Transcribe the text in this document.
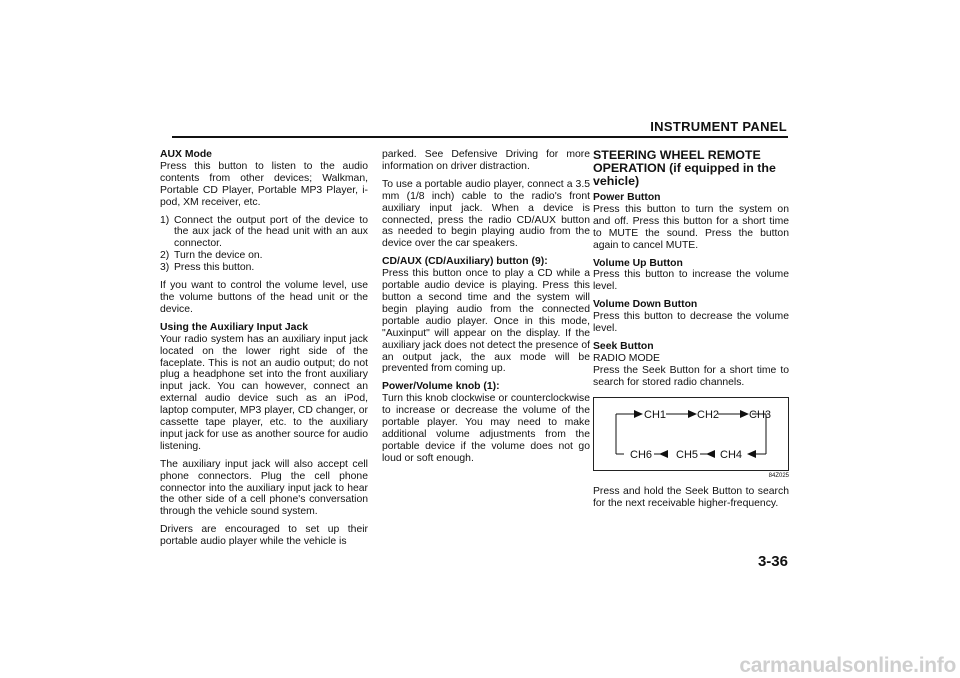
INSTRUMENT PANEL

AUX Mode
Press this button to listen to the audio contents from other devices; Walkman, Portable CD Player, Portable MP3 Player, i-pod, XM receiver, etc.

1) Connect the output port of the device to the aux jack of the head unit with an aux connector.
2) Turn the device on.
3) Press this button.

If you want to control the volume level, use the volume buttons of the head unit or the device.

Using the Auxiliary Input Jack
Your radio system has an auxiliary input jack located on the lower right side of the faceplate. This is not an audio output; do not plug a headphone set into the front auxiliary input jack. You can however, connect an external audio device such as an iPod, laptop computer, MP3 player, CD changer, or cassette tape player, etc. to the auxiliary input jack for use as another source for audio listening.

The auxiliary input jack will also accept cell phone connectors. Plug the cell phone connector into the auxiliary input jack to hear the other side of a cell phone's conversation through the vehicle sound system.

Drivers are encouraged to set up their portable audio player while the vehicle is

parked. See Defensive Driving for more information on driver distraction.

To use a portable audio player, connect a 3.5 mm (1/8 inch) cable to the radio's front auxiliary input jack. When a device is connected, press the radio CD/AUX button as needed to begin playing audio from the device over the car speakers.

CD/AUX (CD/Auxiliary) button (9):
Press this button once to play a CD while a portable audio device is playing. Press this button a second time and the system will begin playing audio from the connected portable audio player. Once in this mode, "Auxinput" will appear on the display. If the auxiliary jack does not detect the presence of an output jack, the aux mode will be prevented from coming up.

Power/Volume knob (1):
Turn this knob clockwise or counterclockwise to increase or decrease the volume of the portable player. You may need to make additional volume adjustments from the portable device if the volume does not go loud or soft enough.

STEERING WHEEL REMOTE OPERATION (if equipped in the vehicle)

Power Button
Press this button to turn the system on and off. Press this button for a short time to MUTE the sound. Press the button again to cancel MUTE.

Volume Up Button
Press this button to increase the volume level.

Volume Down Button
Press this button to decrease the volume level.

Seek Button
RADIO MODE
Press the Seek Button for a short time to search for stored radio channels.

CH1	CH2	CH3
CH6 CH5 CH4
84Z025

Press and hold the Seek Button to search for the next receivable higher-frequency.

3-36
carmanualsonline.info
